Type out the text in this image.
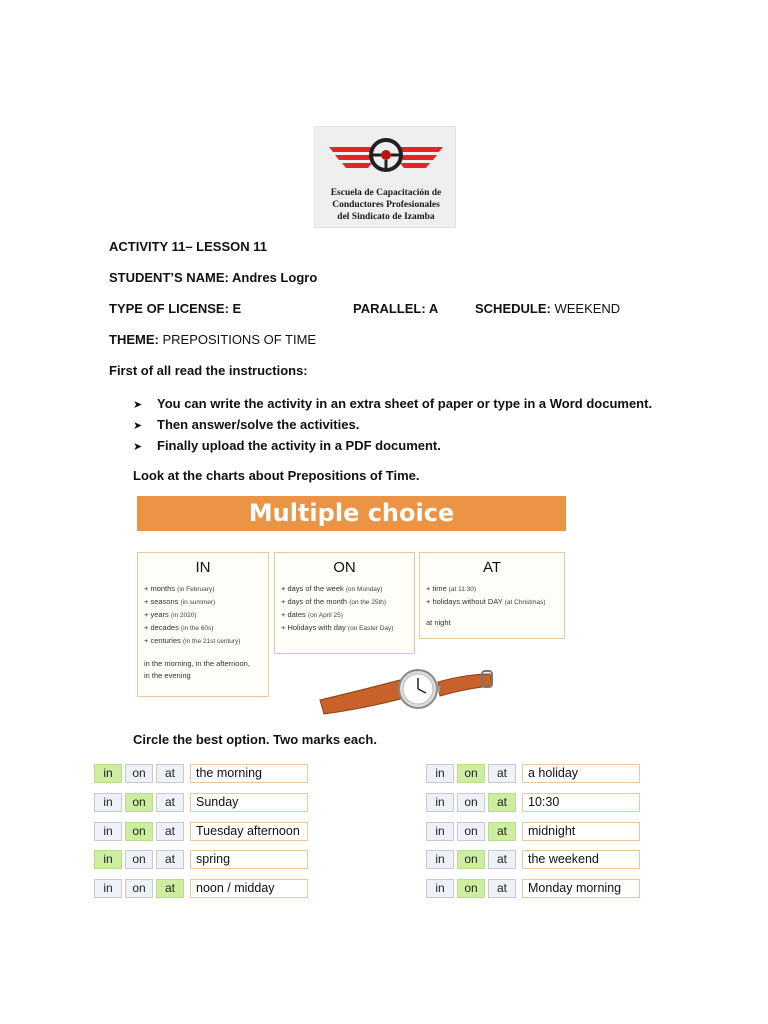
Escuela de Capacitación de
Conductores Profesionales
del Sindicato de Izamba
ACTIVITY 11– LESSON 11
STUDENT’S NAME: Andres Logro
TYPE OF LICENSE: E	PARALLEL: A	SCHEDULE: WEEKEND
THEME: PREPOSITIONS OF TIME
First of all read the instructions:
➤ You can write the activity in an extra sheet of paper or type in a Word document.
➤ Then answer/solve the activities.
➤ Finally upload the activity in a PDF document.
Look at the charts about Prepositions of Time.
Multiple choice
IN
+ months (in February)
+ seasons (in summer)
+ years (in 2020)
+ decades (in the 60s)
+ centuries (in the 21st century)
in the morning, in the afternoon,
in the evening
ON
+ days of the week (on Monday)
+ days of the month (on the 25th)
+ dates (on April 25)
+ Holidays with day (on Easter Day)
AT
+ time (at 11:30)
+ holidays without DAY (at Christmas)
at night
Circle the best option. Two marks each.
in	on	at	the morning
in	on	at	Sunday
in	on	at	Tuesday afternoon
in	on	at	spring
in	on	at	noon / midday
in	on	at	a holiday
in	on	at	10:30
in	on	at	midnight
in	on	at	the weekend
in	on	at	Monday morning
